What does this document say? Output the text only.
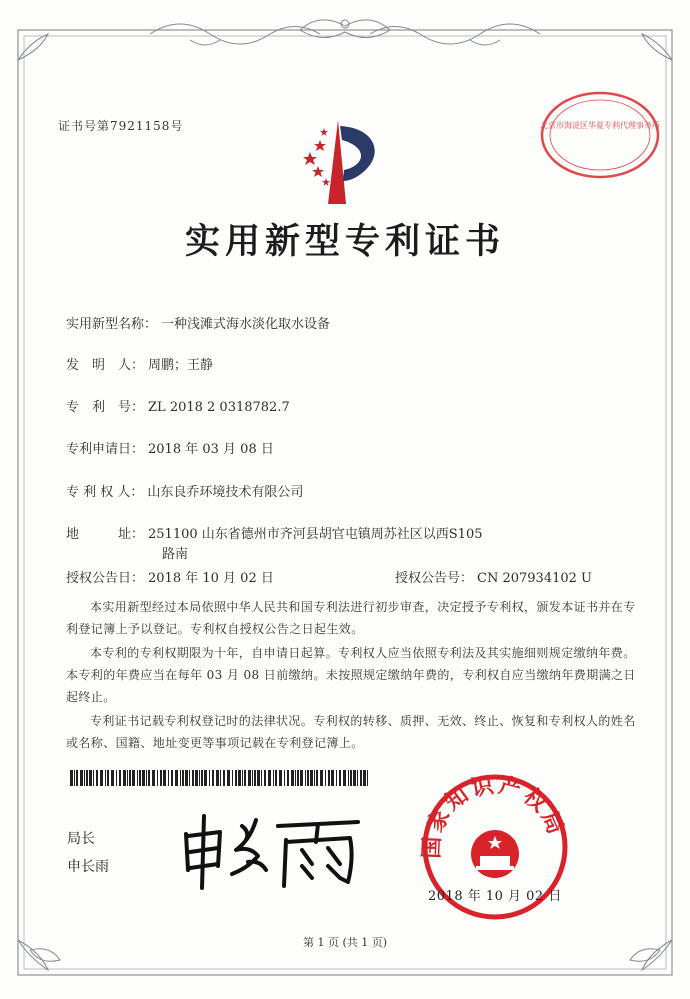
证书号第7921158号
实用新型专利证书
北京市海淀区华夏专利代理事务所
实用新型名称： 一种浅滩式海水淡化取水设备
发　明　人： 周鹏；王静
专　利　号： ZL 2018 2 0318782.7
专利申请日： 2018 年 03 月 08 日
专 利 权 人： 山东良乔环境技术有限公司
地　　　址： 251100 山东省德州市齐河县胡官屯镇周苏社区以西S105
路南
授权公告日： 2018 年 10 月 02 日	授权公告号： CN 207934102 U

本实用新型经过本局依照中华人民共和国专利法进行初步审查，决定授予专利权，颁发本证书并在专利登记簿上予以登记。专利权自授权公告之日起生效。

本专利的专利权期限为十年，自申请日起算。专利权人应当依照专利法及其实施细则规定缴纳年费。本专利的年费应当在每年 03 月 08 日前缴纳。未按照规定缴纳年费的，专利权自应当缴纳年费期满之日起终止。

专利证书记载专利权登记时的法律状况。专利权的转移、质押、无效、终止、恢复和专利权人的姓名或名称、国籍、地址变更等事项记载在专利登记簿上。

局长
申长雨
国家知识产权局
2018 年 10 月 02 日
第 1 页 (共 1 页)
